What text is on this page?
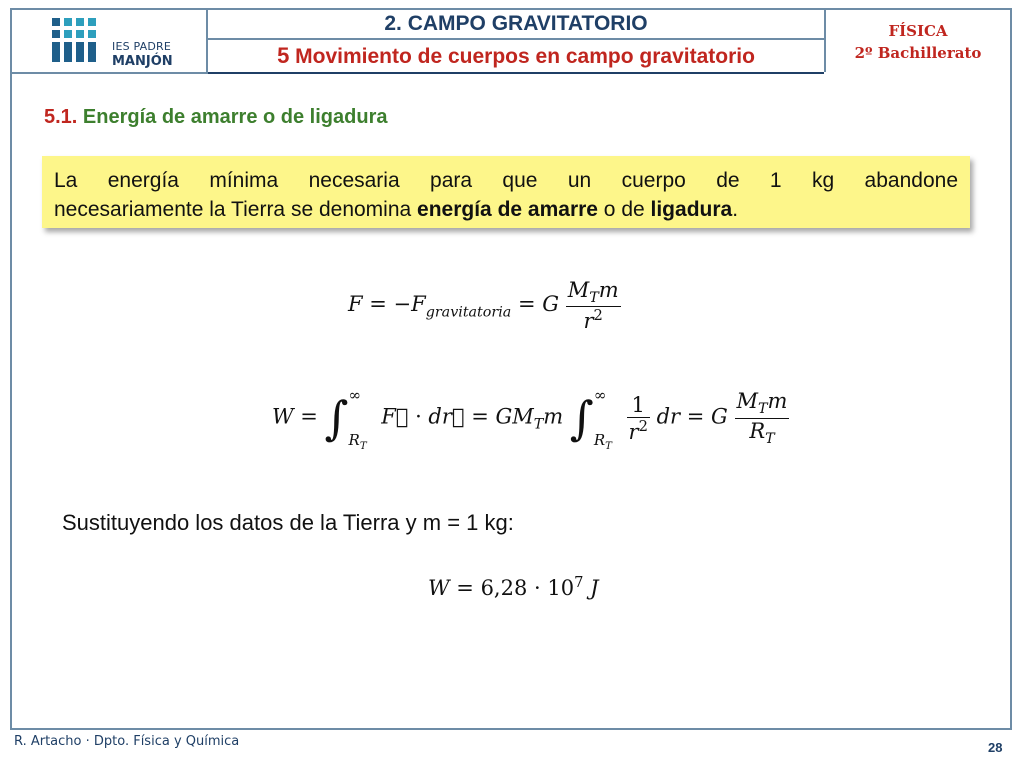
IES PADRE
MANJÓN
2. CAMPO GRAVITATORIO
5 Movimiento de cuerpos en campo gravitatorio
FÍSICA
2º Bachillerato
5.1. Energía de amarre o de ligadura
La energía mínima necesaria para que un cuerpo de 1 kg abandone
necesariamente la Tierra se denomina energía de amarre o de ligadura.
$F = -F_{gravitatoria} = G \frac{M_Tm}{r^2}$
W = ∫ ∞
$R_T$
F⃗ · dr⃗ = $GM_Tm$ ∫ ∞
$R_T$

$\frac{1}{r^2}$ dr = G $\frac{M_Tm}{R_T}$
Sustituyendo los datos de la Tierra y m = 1 kg:
$W = 6,28 \cdot 10^7$ J
R. Artacho · Dpto. Física y Química	28
